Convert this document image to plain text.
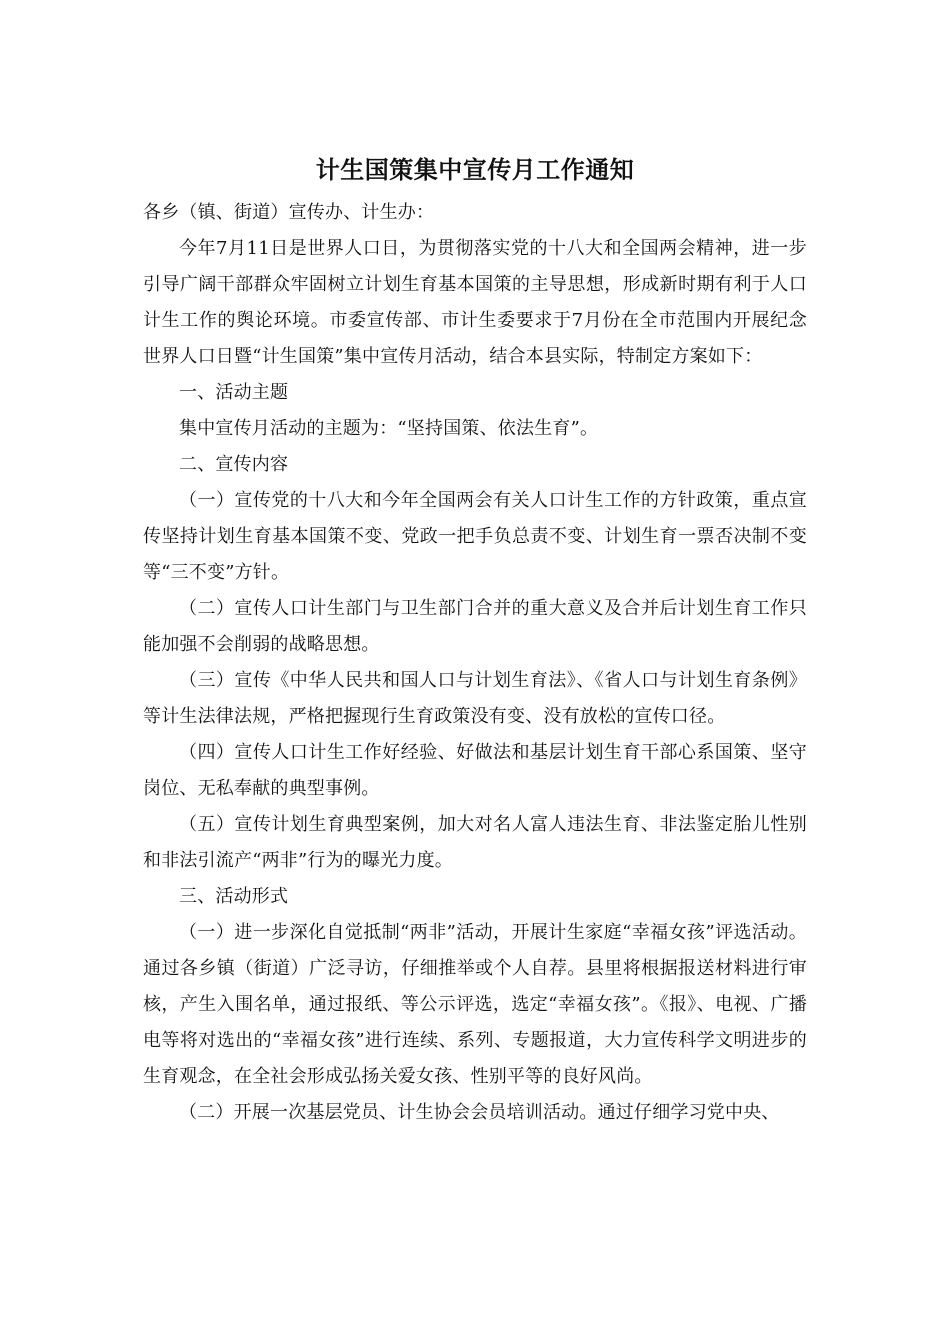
计生国策集中宣传月工作通知

各乡（镇、街道）宣传办、计生办：

今年7月11日是世界人口日，为贯彻落实党的十八大和全国两会精神，进一步引导广阔干部群众牢固树立计划生育基本国策的主导思想，形成新时期有利于人口计生工作的舆论环境。市委宣传部、市计生委要求于7月份在全市范围内开展纪念世界人口日暨“计生国策”集中宣传月活动，结合本县实际，特制定方案如下：

一、活动主题

集中宣传月活动的主题为：“坚持国策、依法生育”。

二、宣传内容

（一）宣传党的十八大和今年全国两会有关人口计生工作的方针政策，重点宣传坚持计划生育基本国策不变、党政一把手负总责不变、计划生育一票否决制不变等“三不变”方针。

（二）宣传人口计生部门与卫生部门合并的重大意义及合并后计划生育工作只能加强不会削弱的战略思想。

（三）宣传《中华人民共和国人口与计划生育法》、《省人口与计划生育条例》等计生法律法规，严格把握现行生育政策没有变、没有放松的宣传口径。

（四）宣传人口计生工作好经验、好做法和基层计划生育干部心系国策、坚守岗位、无私奉献的典型事例。

（五）宣传计划生育典型案例，加大对名人富人违法生育、非法鉴定胎儿性别和非法引流产“两非”行为的曝光力度。

三、活动形式

（一）进一步深化自觉抵制“两非”活动，开展计生家庭“幸福女孩”评选活动。通过各乡镇（街道）广泛寻访，仔细推举或个人自荐。县里将根据报送材料进行审核，产生入围名单，通过报纸、等公示评选，选定“幸福女孩”。《报》、电视、广播电等将对选出的“幸福女孩”进行连续、系列、专题报道，大力宣传科学文明进步的生育观念，在全社会形成弘扬关爱女孩、性别平等的良好风尚。

（二）开展一次基层党员、计生协会会员培训活动。通过仔细学习党中央、
